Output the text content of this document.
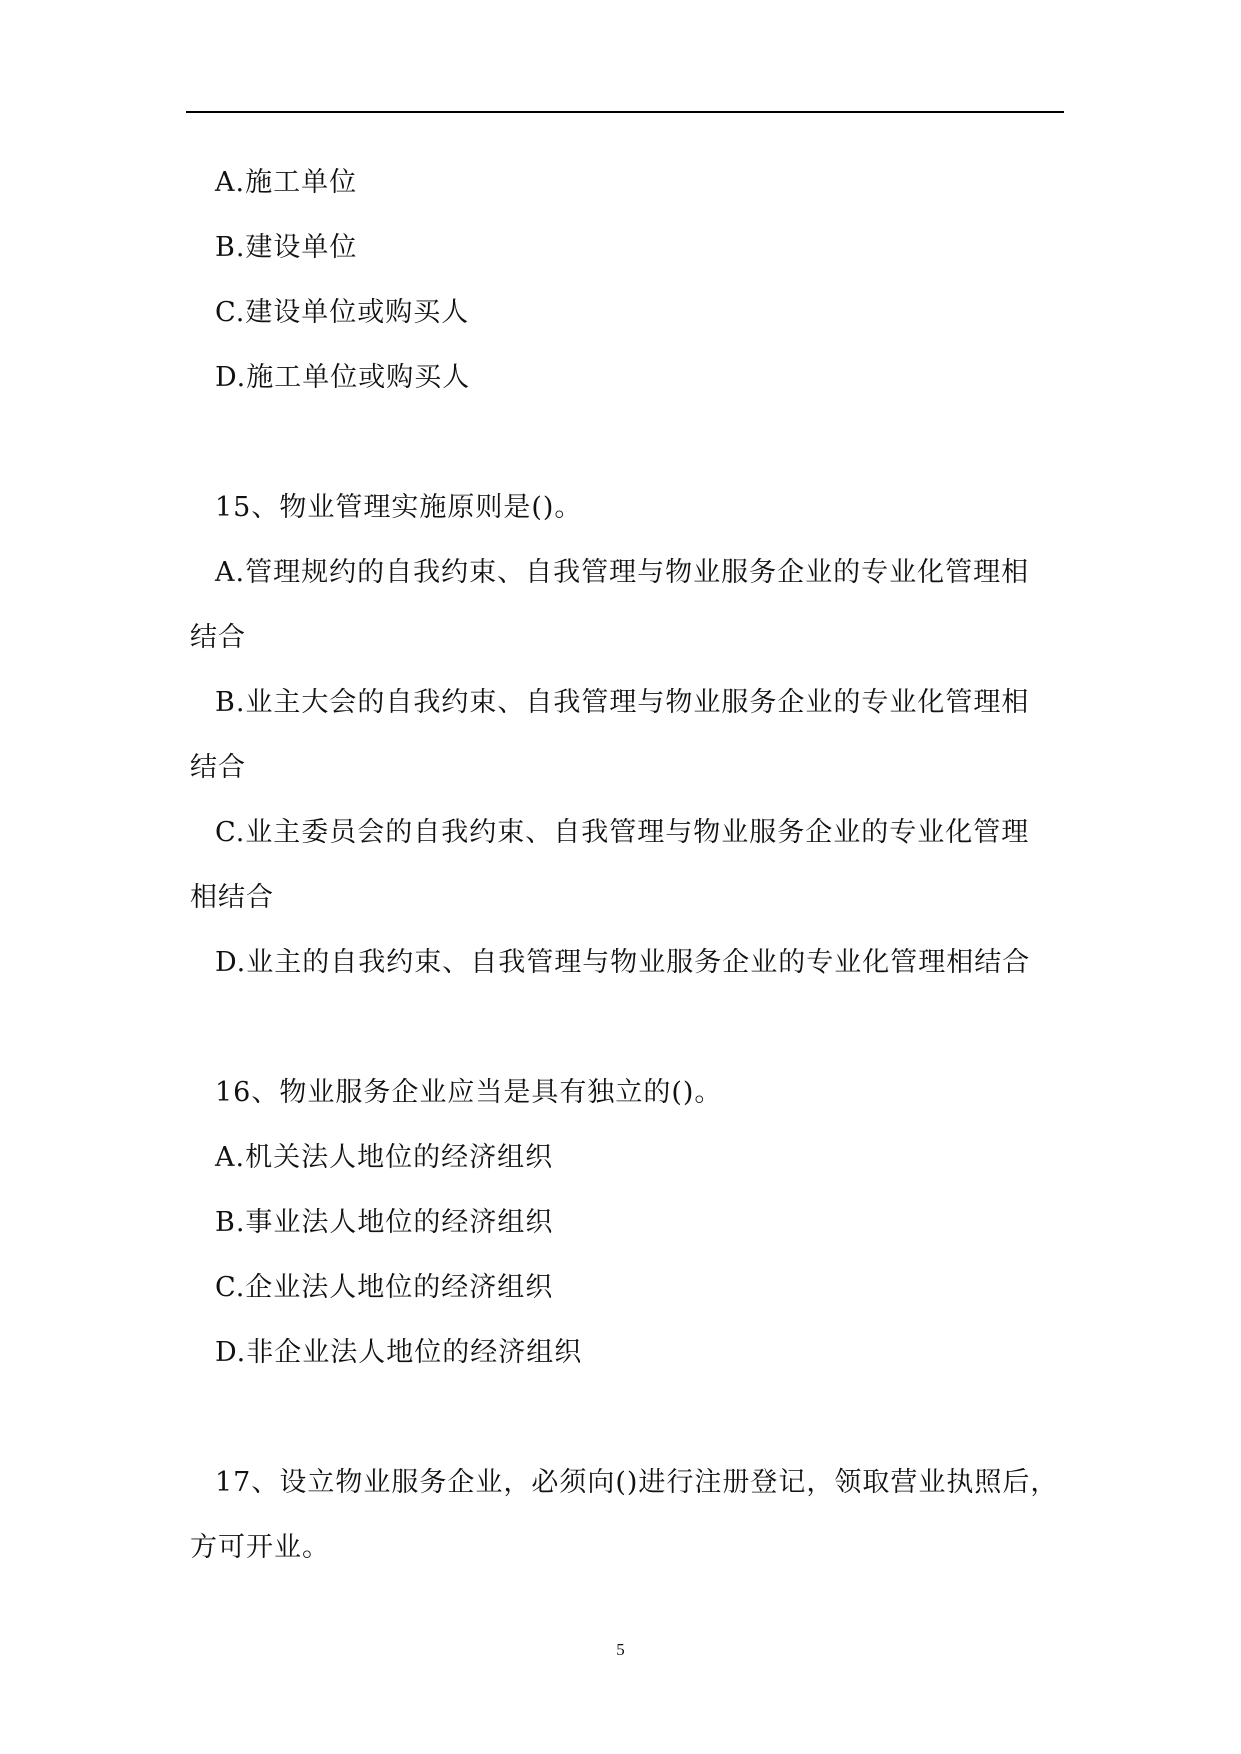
A.施工单位
B.建设单位
C.建设单位或购买人
D.施工单位或购买人
15、物业管理实施原则是()。
A.管理规约的自我约束、自我管理与物业服务企业的专业化管理相
结合
B.业主大会的自我约束、自我管理与物业服务企业的专业化管理相
结合
C.业主委员会的自我约束、自我管理与物业服务企业的专业化管理
相结合
D.业主的自我约束、自我管理与物业服务企业的专业化管理相结合
16、物业服务企业应当是具有独立的()。
A.机关法人地位的经济组织
B.事业法人地位的经济组织
C.企业法人地位的经济组织
D.非企业法人地位的经济组织
17、设立物业服务企业，必须向()进行注册登记，领取营业执照后，
方可开业。
5
